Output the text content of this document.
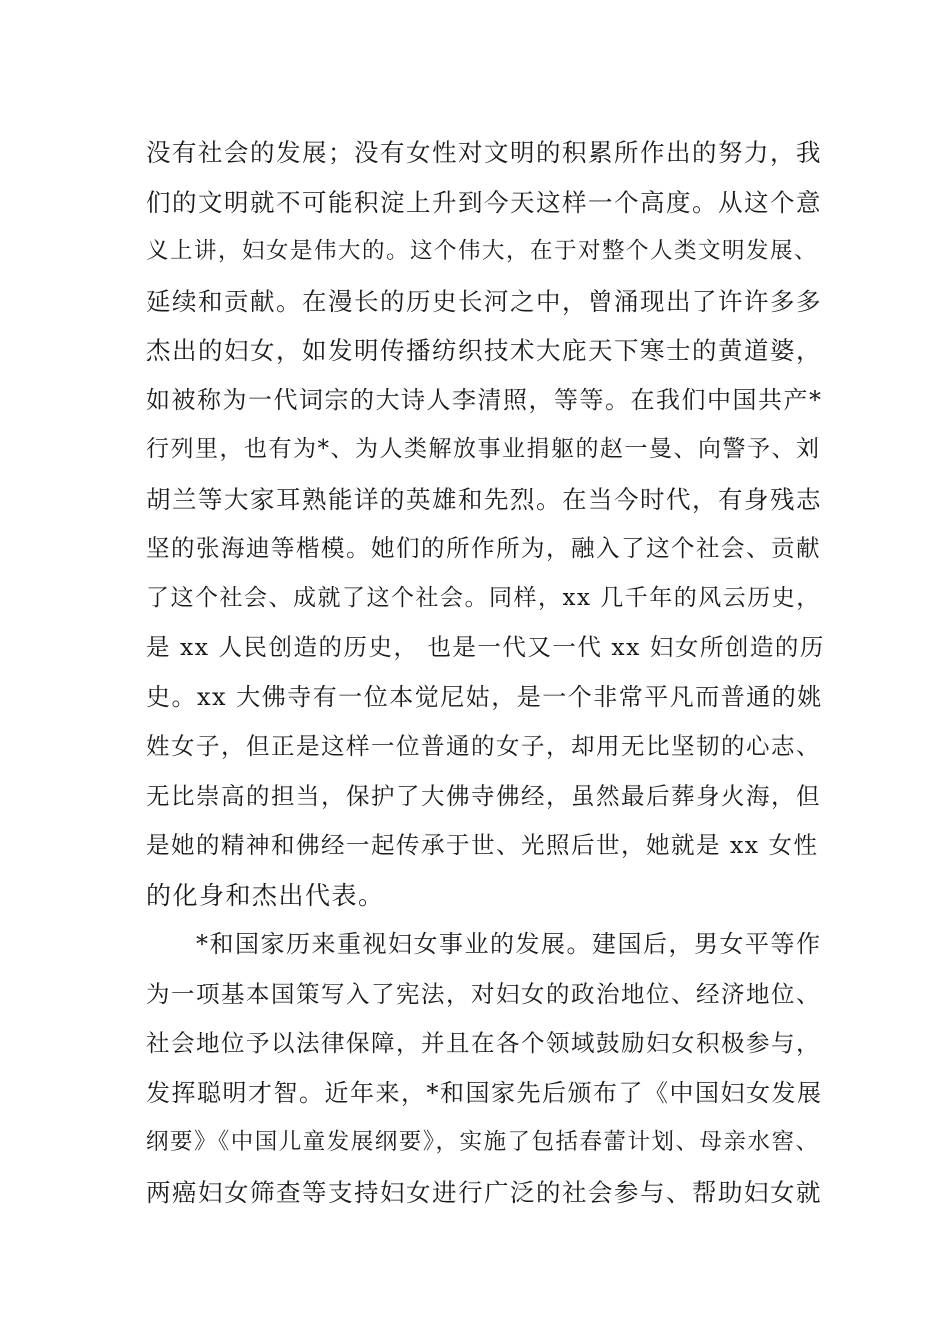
没有社会的发展；没有女性对文明的积累所作出的努力，我
们的文明就不可能积淀上升到今天这样一个高度。从这个意
义上讲，妇女是伟大的。这个伟大，在于对整个人类文明发展、
延续和贡献。在漫长的历史长河之中，曾涌现出了许许多多
杰出的妇女，如发明传播纺织技术大庇天下寒士的黄道婆，
如被称为一代词宗的大诗人李清照，等等。在我们中国共产*
行列里，也有为*、为人类解放事业捐躯的赵一曼、向警予、刘
胡兰等大家耳熟能详的英雄和先烈。在当今时代，有身残志
坚的张海迪等楷模。她们的所作所为，融入了这个社会、贡献
了这个社会、成就了这个社会。同样，xx 几千年的风云历史，
是 xx 人民创造的历史， 也是一代又一代 xx 妇女所创造的历
史。xx 大佛寺有一位本觉尼姑，是一个非常平凡而普通的姚
姓女子，但正是这样一位普通的女子，却用无比坚韧的心志、
无比崇高的担当，保护了大佛寺佛经，虽然最后葬身火海，但
是她的精神和佛经一起传承于世、光照后世，她就是 xx 女性
的化身和杰出代表。
*和国家历来重视妇女事业的发展。建国后，男女平等作
为一项基本国策写入了宪法，对妇女的政治地位、经济地位、
社会地位予以法律保障，并且在各个领域鼓励妇女积极参与，
发挥聪明才智。近年来，*和国家先后颁布了《中国妇女发展
纲要》《中国儿童发展纲要》，实施了包括春蕾计划、母亲水窖、
两癌妇女筛查等支持妇女进行广泛的社会参与、帮助妇女就
